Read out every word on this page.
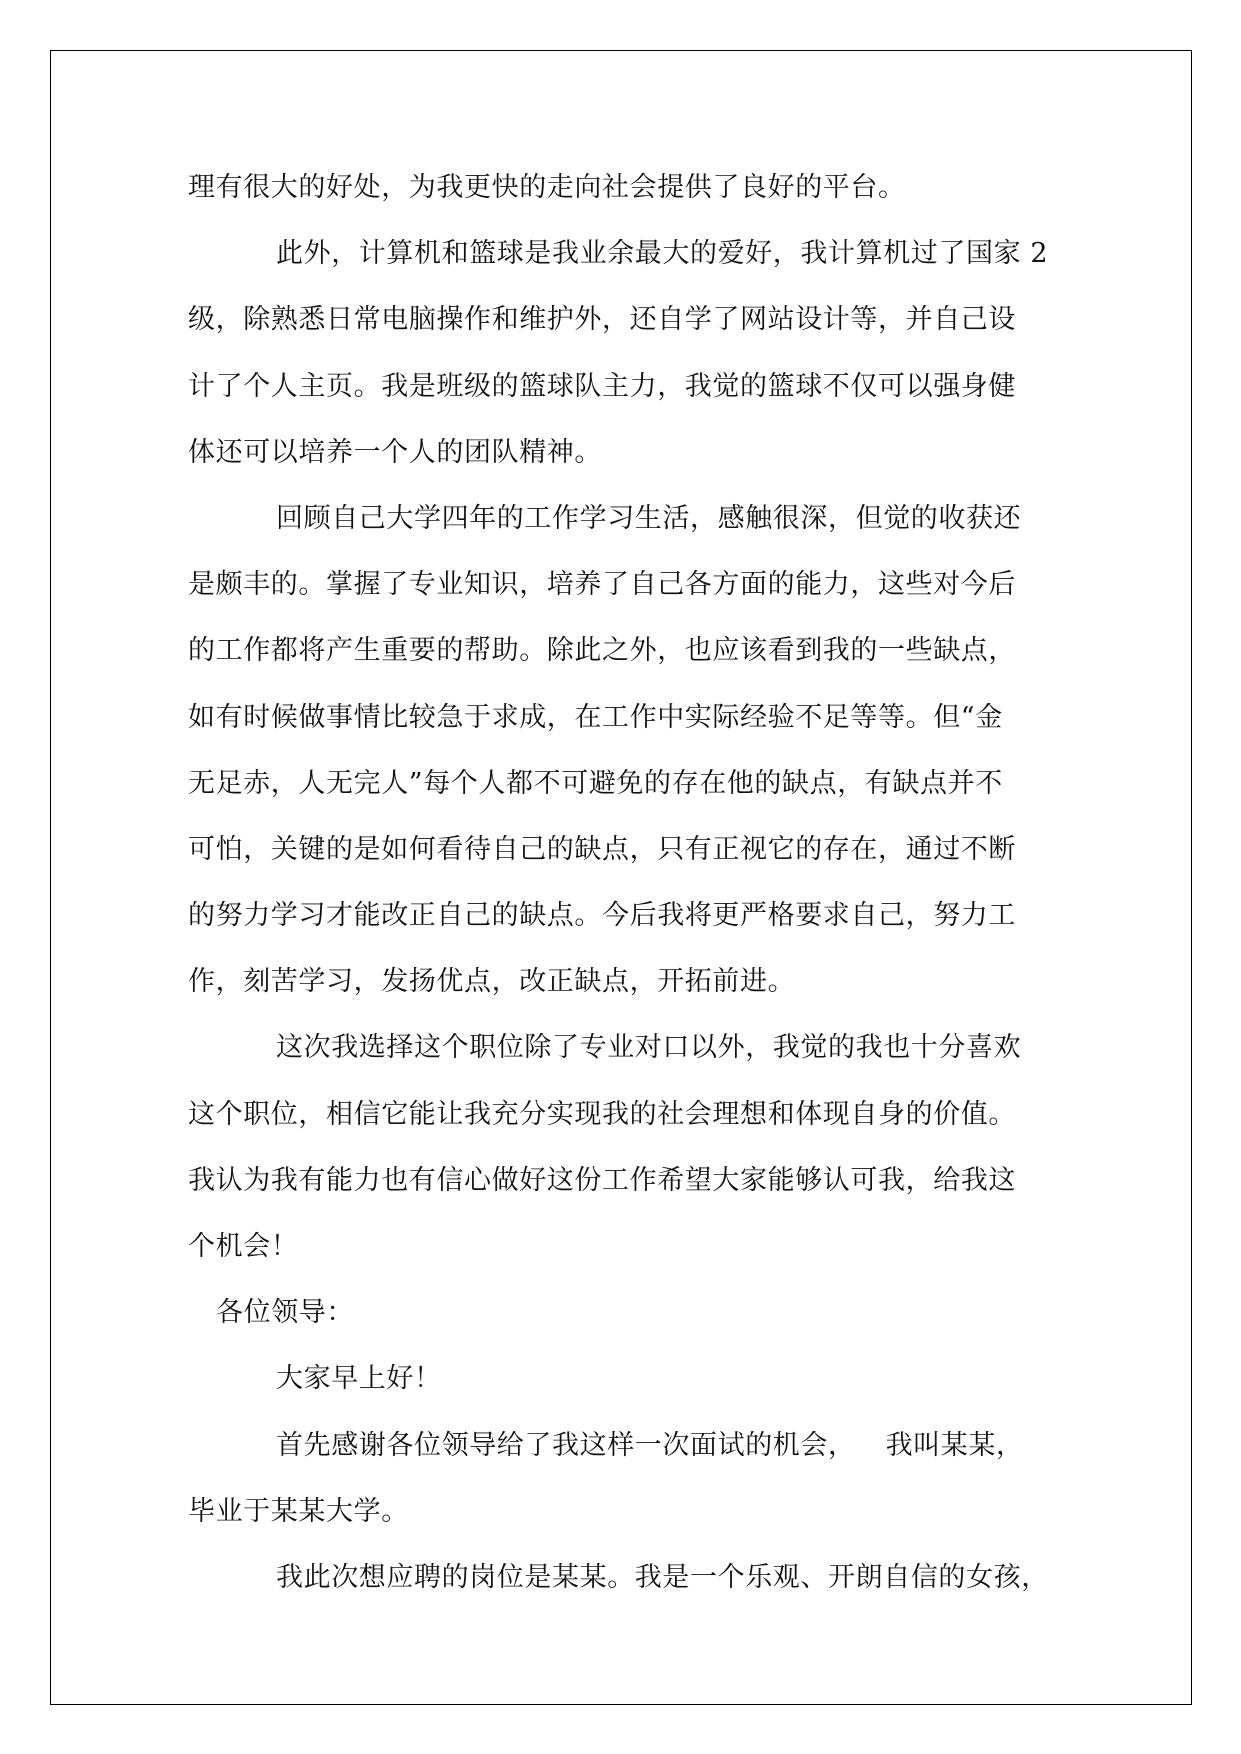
理有很大的好处，为我更快的走向社会提供了良好的平台。
此外，计算机和篮球是我业余最大的爱好，我计算机过了国家 2
级，除熟悉日常电脑操作和维护外，还自学了网站设计等，并自己设
计了个人主页。我是班级的篮球队主力，我觉的篮球不仅可以强身健
体还可以培养一个人的团队精神。
回顾自己大学四年的工作学习生活，感触很深，但觉的收获还
是颇丰的。掌握了专业知识，培养了自己各方面的能力，这些对今后
的工作都将产生重要的帮助。除此之外，也应该看到我的一些缺点，
如有时候做事情比较急于求成，在工作中实际经验不足等等。但“金
无足赤，人无完人”每个人都不可避免的存在他的缺点，有缺点并不
可怕，关键的是如何看待自己的缺点，只有正视它的存在，通过不断
的努力学习才能改正自己的缺点。今后我将更严格要求自己，努力工
作，刻苦学习，发扬优点，改正缺点，开拓前进。
这次我选择这个职位除了专业对口以外，我觉的我也十分喜欢
这个职位，相信它能让我充分实现我的社会理想和体现自身的价值。
我认为我有能力也有信心做好这份工作希望大家能够认可我，给我这
个机会！
各位领导：
大家早上好！
首先感谢各位领导给了我这样一次面试的机会， 我叫某某，
毕业于某某大学。
我此次想应聘的岗位是某某。我是一个乐观、开朗自信的女孩，
